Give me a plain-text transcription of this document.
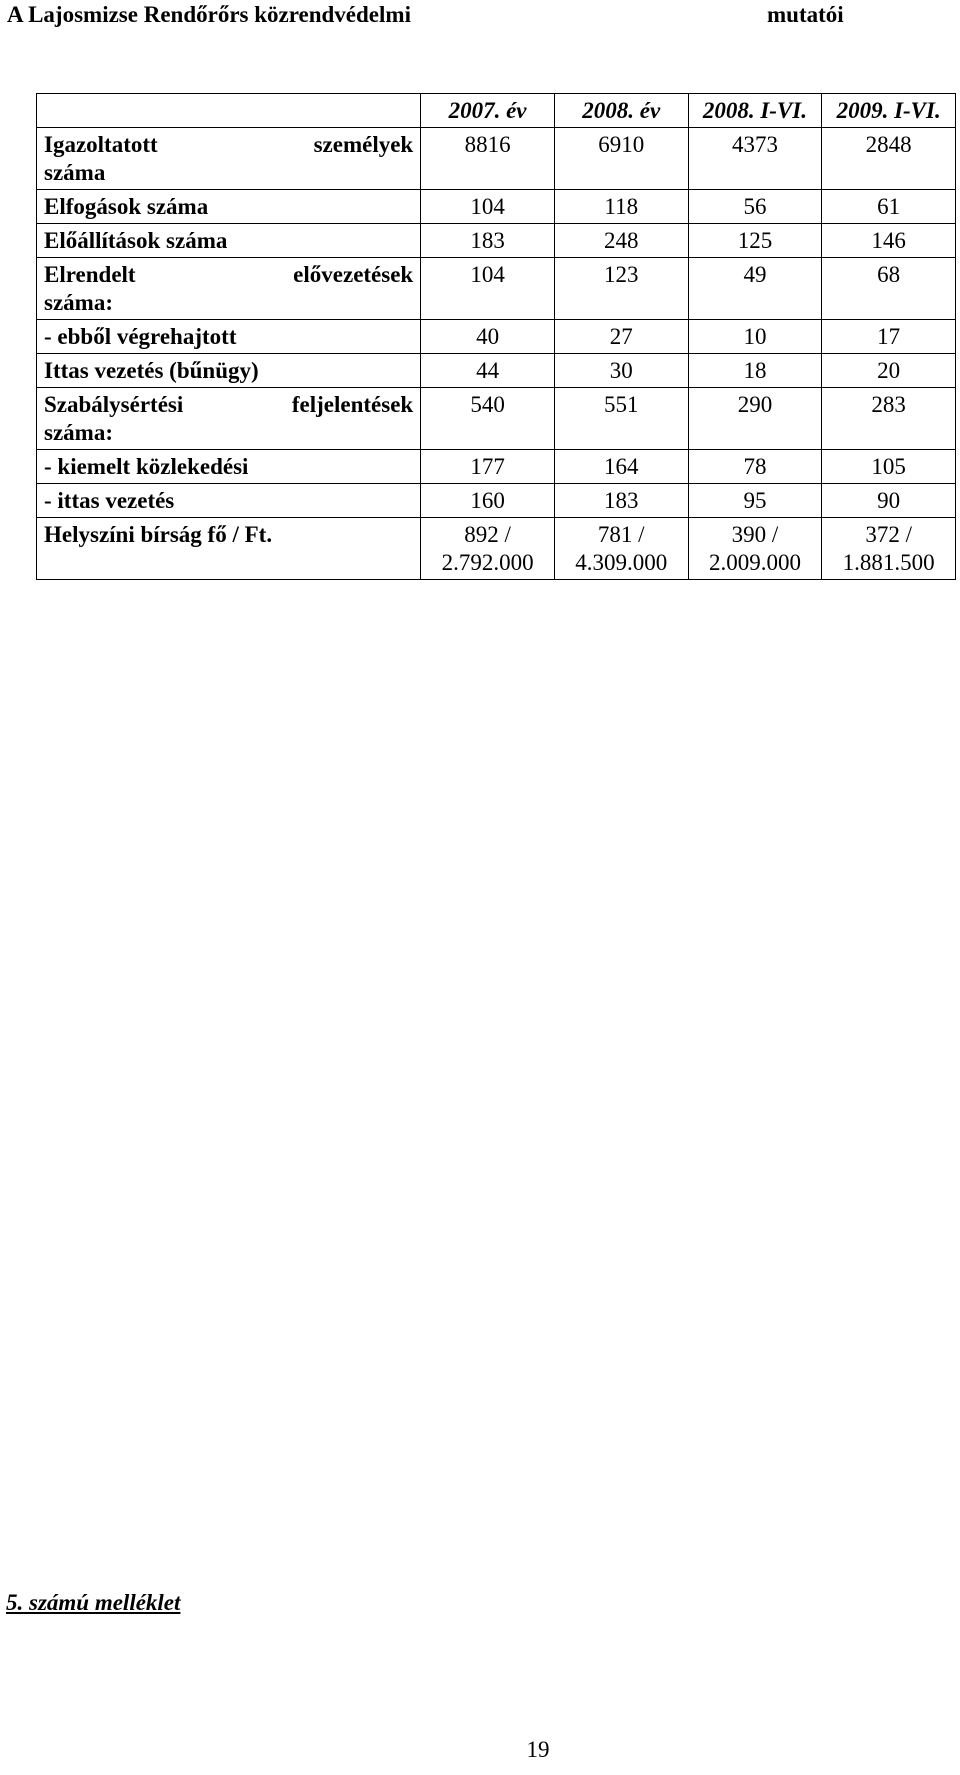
A Lajosmizse Rendőrőrs közrendvédelmi	mutatói
	2007. év	2008. év	2008. I-VI.	2009. I-VI.

Igazoltatott személyek
száma	8816	6910	4373	2848
Elfogások száma	104	118	56	61
Előállítások száma	183	248	125	146

Elrendelt elővezetések
száma:	104	123	49	68
- ebből végrehajtott	40	27	10	17
Ittas vezetés (bűnügy)	44	30	18	20

Szabálysértési feljelentések
száma:	540	551	290	283
- kiemelt közlekedési	177	164	78	105
- ittas vezetés	160	183	95	90
Helyszíni bírság fő / Ft.	892 / 2.792.000	781 / 4.309.000	390 / 2.009.000	372 / 1.881.500
5. számú melléklet
19
